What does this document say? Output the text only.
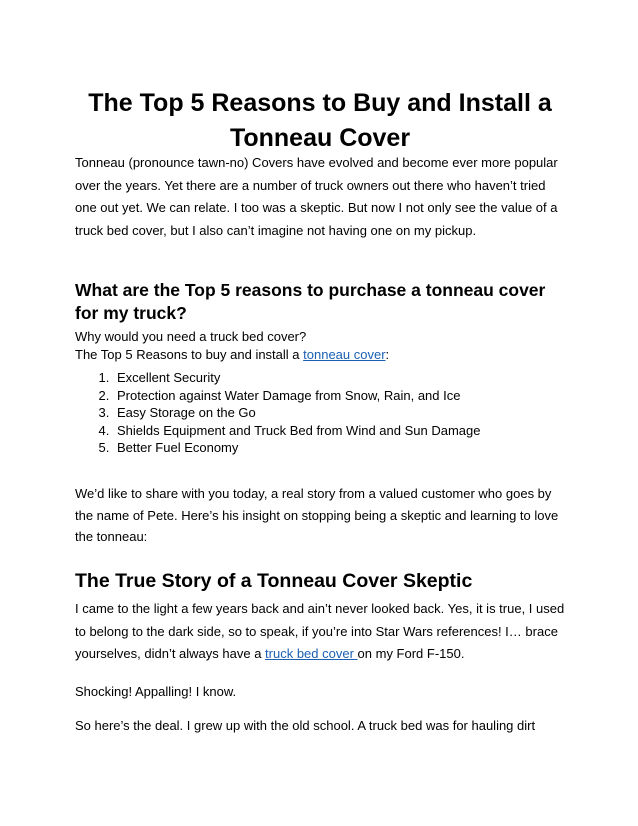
The Top 5 Reasons to Buy and Install a Tonneau Cover

Tonneau (pronounce tawn-no) Covers have evolved and become ever more popular over the years. Yet there are a number of truck owners out there who haven’t tried one out yet. We can relate. I too was a skeptic. But now I not only see the value of a truck bed cover, but I also can’t imagine not having one on my pickup.

What are the Top 5 reasons to purchase a tonneau cover for my truck?
Why would you need a truck bed cover?
The Top 5 Reasons to buy and install a tonneau cover:
1. Excellent Security
2. Protection against Water Damage from Snow, Rain, and Ice
3. Easy Storage on the Go
4. Shields Equipment and Truck Bed from Wind and Sun Damage
5. Better Fuel Economy

We’d like to share with you today, a real story from a valued customer who goes by the name of Pete. Here’s his insight on stopping being a skeptic and learning to love the tonneau:

The True Story of a Tonneau Cover Skeptic

I came to the light a few years back and ain’t never looked back. Yes, it is true, I used to belong to the dark side, so to speak, if you’re into Star Wars references! I… brace yourselves, didn’t always have a truck bed cover on my Ford F-150.

Shocking! Appalling! I know.

So here’s the deal. I grew up with the old school. A truck bed was for hauling dirt
